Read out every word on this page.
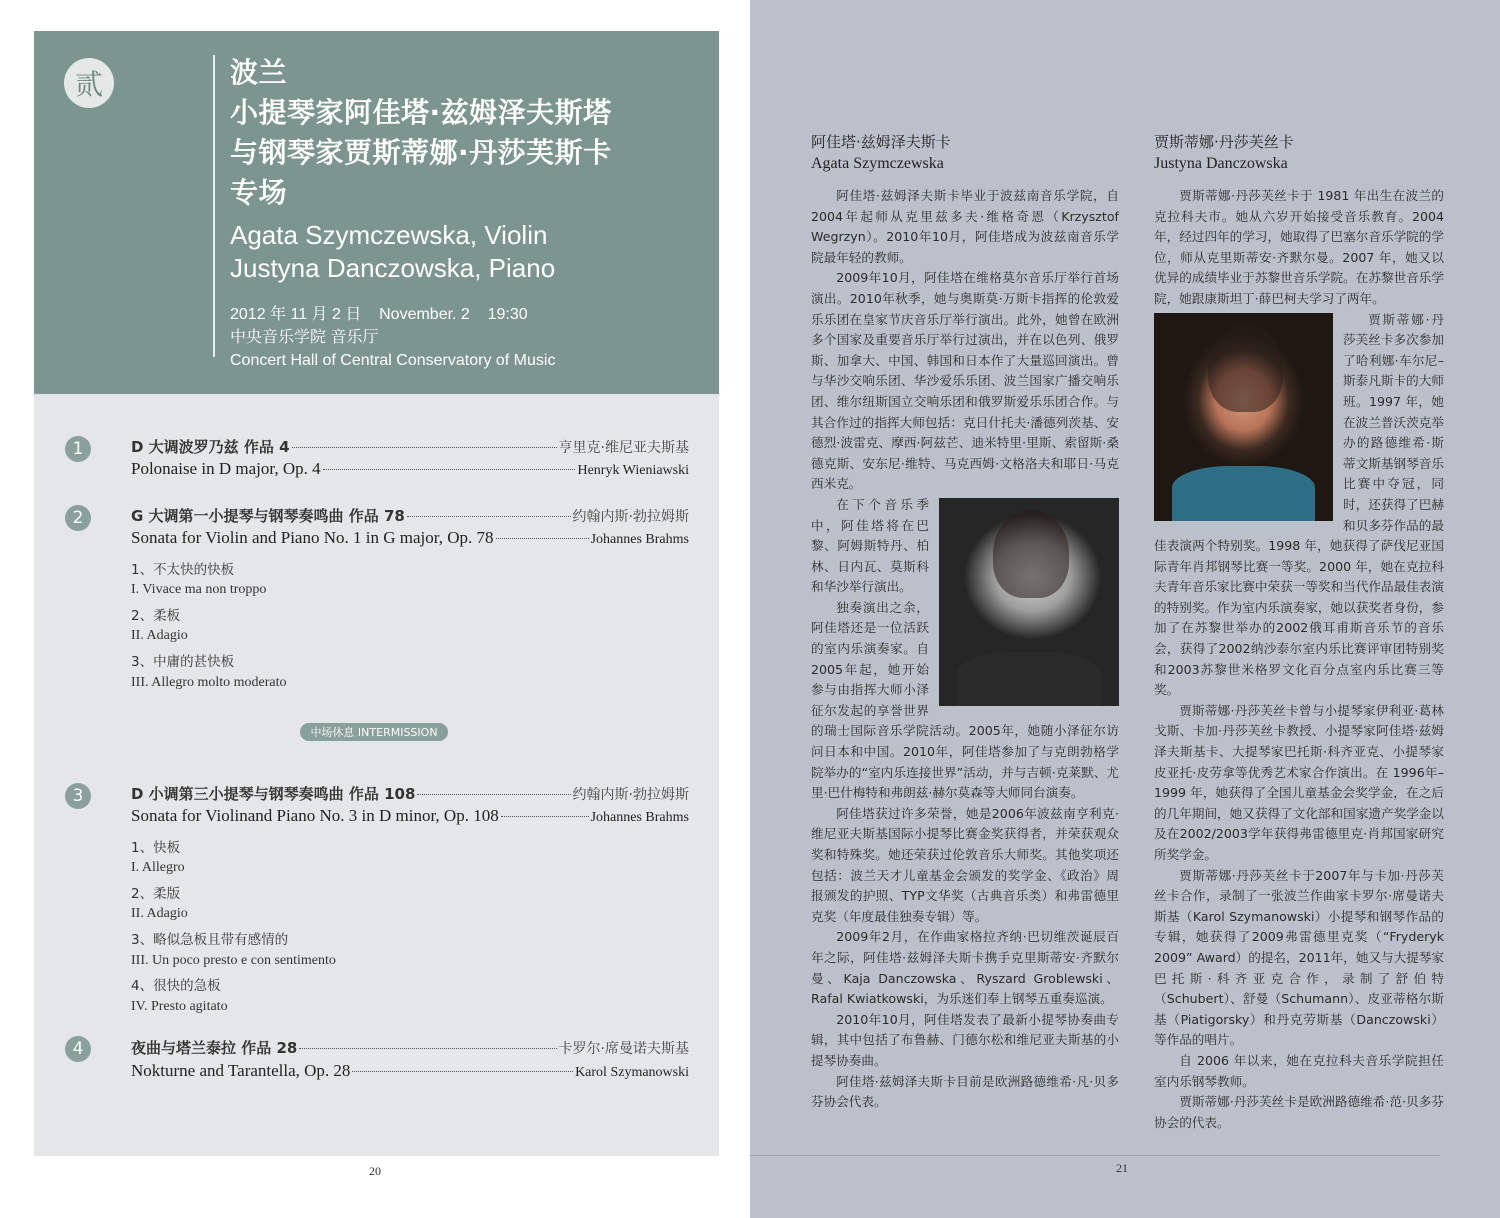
贰	波兰
小提琴家阿佳塔·兹姆泽夫斯塔
与钢琴家贾斯蒂娜·丹莎芙斯卡
专场
Agata Szymczewska, Violin
Justyna Danczowska, Piano
2012 年 11 月 2 日    November. 2    19:30
中央音乐学院 音乐厅
Concert Hall of Central Conservatory of Music
1	D 大调波罗乃兹 作品 4	亨里克·维尼亚夫斯基
Polonaise in D major, Op. 4	Henryk Wieniawski
2	G 大调第一小提琴与钢琴奏鸣曲 作品 78	约翰内斯·勃拉姆斯
Sonata for Violin and Piano No. 1 in G major, Op. 78	Johannes Brahms
1、不太快的快板
I. Vivace ma non troppo
2、柔板
II. Adagio
3、中庸的甚快板
III. Allegro molto moderato
中场休息 INTERMISSION
3	D 小调第三小提琴与钢琴奏鸣曲 作品 108	约翰内斯·勃拉姆斯
Sonata for Violinand Piano No. 3 in D minor, Op. 108	Johannes Brahms
1、快板
I. Allegro
2、柔版
II. Adagio
3、略似急板且带有感情的
III. Un poco presto e con sentimento
4、很快的急板
IV. Presto agitato
4	夜曲与塔兰泰拉 作品 28	卡罗尔·席曼诺夫斯基
Nokturne and Tarantella, Op. 28	Karol Szymanowski
20
阿佳塔·兹姆泽夫斯卡
Agata Szymczewska

阿佳塔·兹姆泽夫斯卡毕业于波兹南音乐学院，自2004年起师从克里兹多夫·维格奇恩（Krzysztof Wegrzyn）。2010年10月，阿佳塔成为波兹南音乐学院最年轻的教师。

2009年10月，阿佳塔在维格莫尔音乐厅举行首场演出。2010年秋季，她与奥斯莫·万斯卡指挥的伦敦爱乐乐团在皇家节庆音乐厅举行演出。此外，她曾在欧洲多个国家及重要音乐厅举行过演出，并在以色列、俄罗斯、加拿大、中国、韩国和日本作了大量巡回演出。曾与华沙交响乐团、华沙爱乐乐团、波兰国家广播交响乐团、维尔纽斯国立交响乐团和俄罗斯爱乐乐团合作。与其合作过的指挥大师包括：克日什托夫·潘德列茨基、安德烈·波雷克、摩西·阿兹芒、迪米特里·里斯、索留斯·桑德克斯、安东尼·维特、马克西姆·文格洛夫和耶日·马克西米克。

在下个音乐季中，阿佳塔将在巴黎、阿姆斯特丹、柏林、日内瓦、莫斯科和华沙举行演出。

独奏演出之余，阿佳塔还是一位活跃的室内乐演奏家。自2005年起，她开始参与由指挥大师小泽征尔发起的享誉世界的瑞士国际音乐学院活动。2005年，她随小泽征尔访问日本和中国。2010年，阿佳塔参加了与克朗勃格学院举办的“室内乐连接世界”活动，并与吉顿·克莱默、尤里·巴什梅特和弗朗兹·赫尔莫森等大师同台演奏。

阿佳塔获过许多荣誉，她是2006年波兹南亨利克·维尼亚夫斯基国际小提琴比赛金奖获得者，并荣获观众奖和特殊奖。她还荣获过伦敦音乐大师奖。其他奖项还包括：波兰天才儿童基金会颁发的奖学金、《政治》周报颁发的护照、TYP文华奖（古典音乐类）和弗雷德里克奖（年度最佳独奏专辑）等。

2009年2月，在作曲家格拉齐纳·巴切维茨诞辰百年之际，阿佳塔·兹姆泽夫斯卡携手克里斯蒂安·齐默尔曼、Kaja Danczowska、Ryszard Groblewski、Rafal Kwiatkowski，为乐迷们奉上钢琴五重奏巡演。

2010年10月，阿佳塔发表了最新小提琴协奏曲专辑，其中包括了布鲁赫、门德尔松和维尼亚夫斯基的小提琴协奏曲。

阿佳塔·兹姆泽夫斯卡目前是欧洲路德维希·凡·贝多芬协会代表。

贾斯蒂娜·丹莎芙丝卡
Justyna Danczowska

贾斯蒂娜·丹莎芙丝卡于 1981 年出生在波兰的克拉科夫市。她从六岁开始接受音乐教育。2004年，经过四年的学习，她取得了巴塞尔音乐学院的学位，师从克里斯蒂安·齐默尔曼。2007 年，她又以优异的成绩毕业于苏黎世音乐学院。在苏黎世音乐学院，她跟康斯坦丁·薛巴柯夫学习了两年。

贾斯蒂娜·丹莎芙丝卡多次参加了哈利娜·车尔尼–斯泰凡斯卡的大师班。1997 年，她在波兰普沃茨克举办的路德维希·斯蒂文斯基钢琴音乐比赛中夺冠，同时，还获得了巴赫和贝多芬作品的最佳表演两个特别奖。1998 年，她获得了萨伐尼亚国际青年肖邦钢琴比赛一等奖。2000 年，她在克拉科夫青年音乐家比赛中荣获一等奖和当代作品最佳表演的特别奖。作为室内乐演奏家，她以获奖者身份，参加了在苏黎世举办的2002俄耳甫斯音乐节的音乐会，获得了2002纳沙泰尔室内乐比赛评审团特别奖和2003苏黎世米格罗文化百分点室内乐比赛三等奖。

贾斯蒂娜·丹莎芙丝卡曾与小提琴家伊利亚·葛林戈斯、卡加·丹莎芙丝卡教授、小提琴家阿佳塔·兹姆泽夫斯基卡、大提琴家巴托斯·科齐亚克、小提琴家皮亚托·皮劳拿等优秀艺术家合作演出。在 1996年–1999 年，她获得了全国儿童基金会奖学金，在之后的几年期间，她又获得了文化部和国家遗产奖学金以及在2002/2003学年获得弗雷德里克·肖邦国家研究所奖学金。

贾斯蒂娜·丹莎芙丝卡于2007年与卡加·丹莎芙丝卡合作，录制了一张波兰作曲家卡罗尔·席曼诺夫斯基（Karol Szymanowski）小提琴和钢琴作品的专辑，她获得了2009弗雷德里克奖（“Fryderyk 2009” Award）的提名，2011年，她又与大提琴家巴托斯·科齐亚克合作，录制了舒伯特（Schubert）、舒曼（Schumann）、皮亚蒂格尔斯基（Piatigorsky）和丹克劳斯基（Danczowski）等作品的唱片。

自 2006 年以来，她在克拉科夫音乐学院担任室内乐钢琴教师。

贾斯蒂娜·丹莎芙丝卡是欧洲路德维希·范·贝多芬协会的代表。

21
